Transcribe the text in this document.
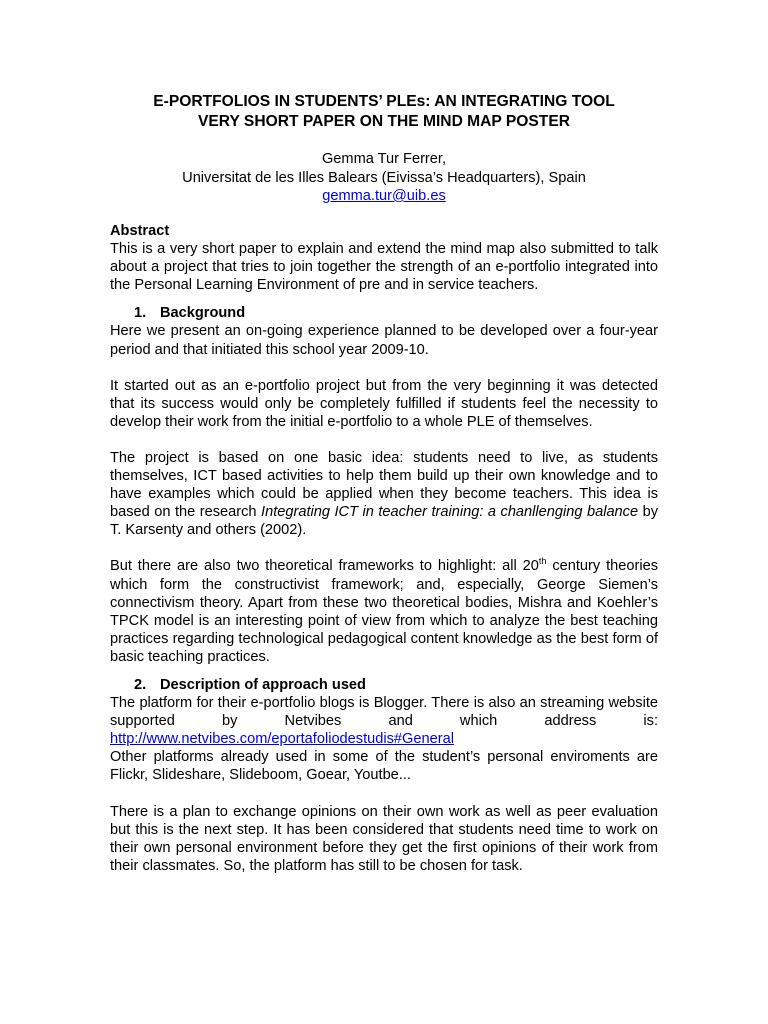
E-PORTFOLIOS IN STUDENTS’ PLEs: AN INTEGRATING TOOL
VERY SHORT PAPER ON THE MIND MAP POSTER
Gemma Tur Ferrer,
Universitat de les Illes Balears (Eivissa’s Headquarters), Spain
gemma.tur@uib.es
Abstract

This is a very short paper to explain and extend the mind map also submitted to talk about a project that tries to join together the strength of an e-portfolio integrated into the Personal Learning Environment of pre and in service teachers.

1. Background

Here we present an on-going experience planned to be developed over a four-year period and that initiated this school year 2009-10.

It started out as an e-portfolio project but from the very beginning it was detected that its success would only be completely fulfilled if students feel the necessity to develop their work from the initial e-portfolio to a whole PLE of themselves.

The project is based on one basic idea: students need to live, as students themselves, ICT based activities to help them build up their own knowledge and to have examples which could be applied when they become teachers. This idea is based on the research Integrating ICT in teacher training: a chanllenging balance by T. Karsenty and others (2002).

But there are also two theoretical frameworks to highlight: all 20th century theories which form the constructivist framework; and, especially, George Siemen’s connectivism theory. Apart from these two theoretical bodies, Mishra and Koehler’s TPCK model is an interesting point of view from which to analyze the best teaching practices regarding technological pedagogical content knowledge as the best form of basic teaching practices.

2. Description of approach used

The platform for their e-portfolio blogs is Blogger. There is also an streaming website supported by Netvibes and which address is:

http://www.netvibes.com/eportafoliodestudis#General

Other platforms already used in some of the student’s personal enviroments are Flickr, Slideshare, Slideboom, Goear, Youtbe...

There is a plan to exchange opinions on their own work as well as peer evaluation but this is the next step. It has been considered that students need time to work on their own personal environment before they get the first opinions of their work from their classmates. So, the platform has still to be chosen for task.
